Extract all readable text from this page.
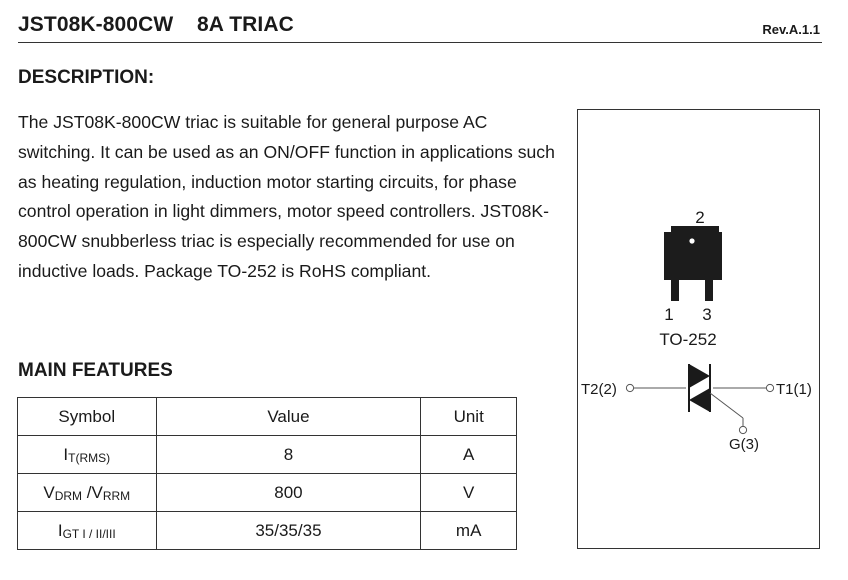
JST08K-800CW    8A TRIAC	Rev.A.1.1
DESCRIPTION:

The JST08K-800CW triac is suitable for general purpose AC switching. It can be used as an ON/OFF function in applications such as heating regulation, induction motor starting circuits, for phase control operation in light dimmers, motor speed controllers. JST08K-800CW snubberless triac is especially recommended for use on inductive loads. Package TO-252 is RoHS compliant.

MAIN FEATURES
Symbol	Value	Unit
IT(RMS)	8	A
VDRM /VRRM	800	V
IGT I / II/III	35/35/35	mA
2
1 3
TO-252
T2(2)	T1(1)
G(3)
